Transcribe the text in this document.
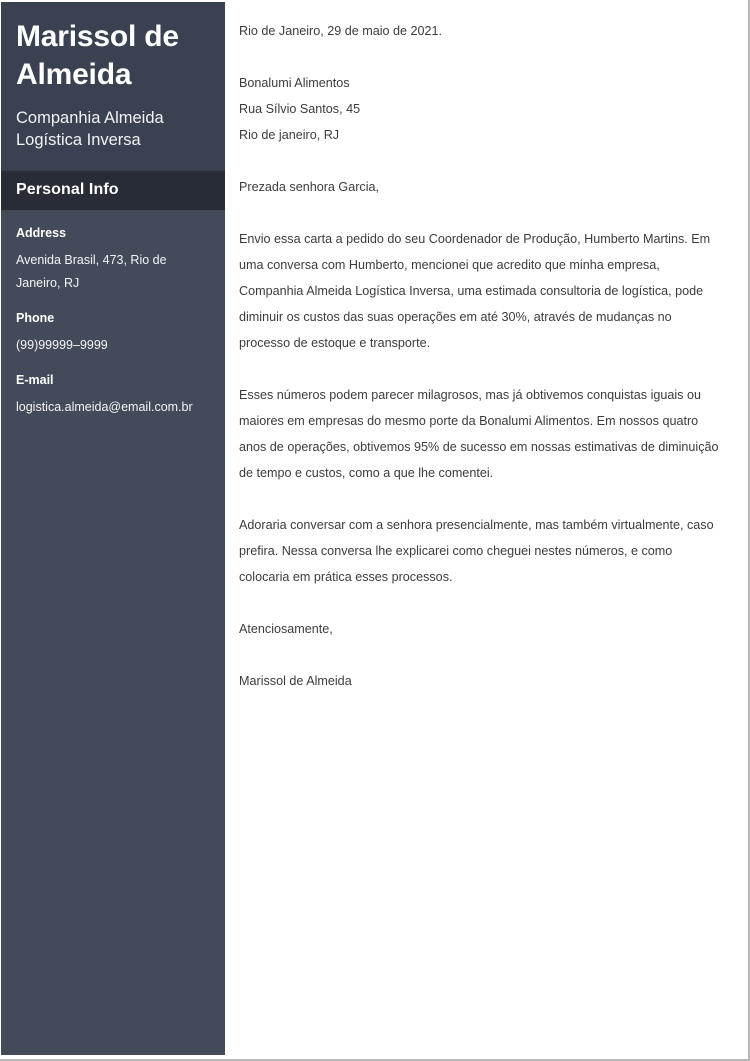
Marissol de Almeida
Companhia Almeida Logística Inversa
Personal Info
Address
Avenida Brasil, 473, Rio de Janeiro, RJ
Phone
(99)99999–9999
E-mail
logistica.almeida@email.com.br

Rio de Janeiro, 29 de maio de 2021.

Bonalumi Alimentos

Rua Sílvio Santos, 45

Rio de janeiro, RJ

Prezada senhora Garcia,

Envio essa carta a pedido do seu Coordenador de Produção, Humberto Martins. Em uma conversa com Humberto, mencionei que acredito que minha empresa, Companhia Almeida Logística Inversa, uma estimada consultoria de logística, pode diminuir os custos das suas operações em até 30%, através de mudanças no processo de estoque e transporte.

Esses números podem parecer milagrosos, mas já obtivemos conquistas iguais ou maiores em empresas do mesmo porte da Bonalumi Alimentos. Em nossos quatro anos de operações, obtivemos 95% de sucesso em nossas estimativas de diminuição de tempo e custos, como a que lhe comentei.

Adoraria conversar com a senhora presencialmente, mas também virtualmente, caso prefira. Nessa conversa lhe explicarei como cheguei nestes números, e como colocaria em prática esses processos.

Atenciosamente,

Marissol de Almeida
